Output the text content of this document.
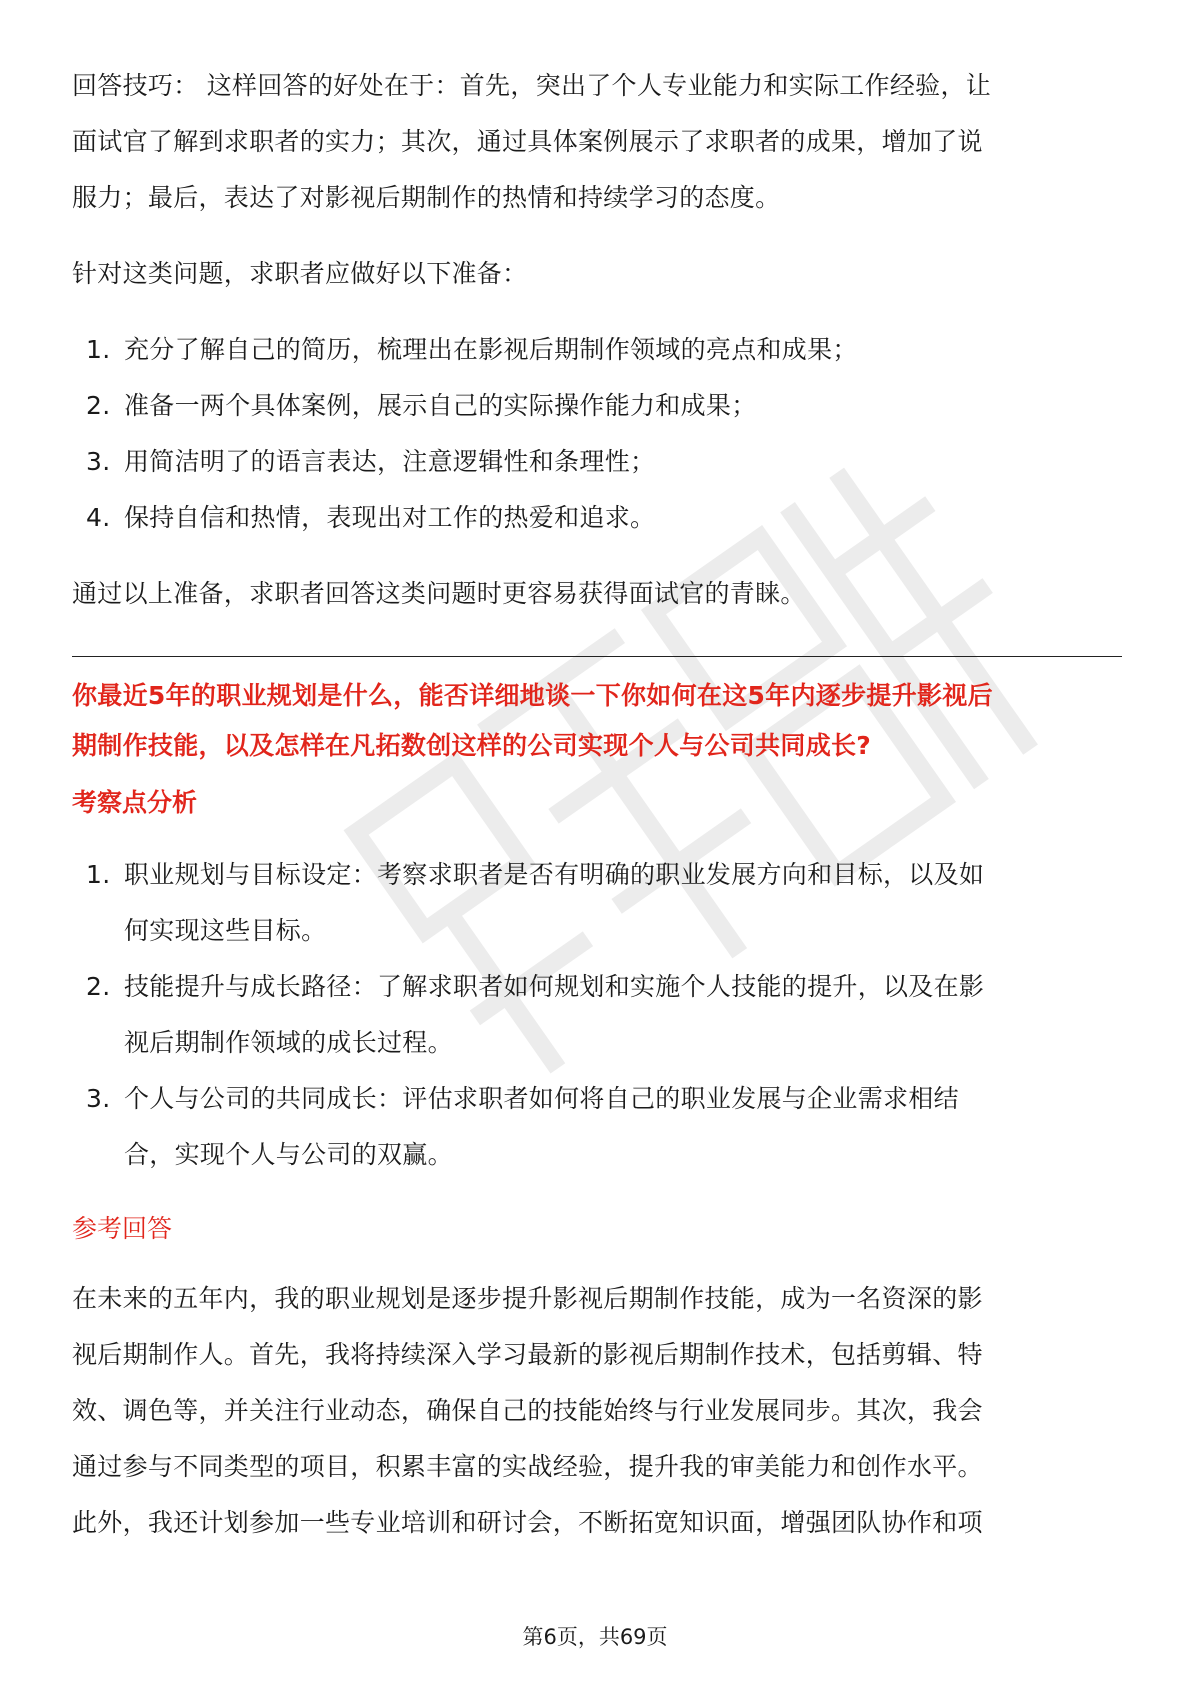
回答技巧： 这样回答的好处在于：首先，突出了个人专业能力和实际工作经验，让

面试官了解到求职者的实力；其次，通过具体案例展示了求职者的成果，增加了说

服力；最后，表达了对影视后期制作的热情和持续学习的态度。

针对这类问题，求职者应做好以下准备：

1. 充分了解自己的简历，梳理出在影视后期制作领域的亮点和成果；
2. 准备一两个具体案例，展示自己的实际操作能力和成果；
3. 用简洁明了的语言表达，注意逻辑性和条理性；
4. 保持自信和热情，表现出对工作的热爱和追求。

通过以上准备，求职者回答这类问题时更容易获得面试官的青睐。

你最近5年的职业规划是什么，能否详细地谈一下你如何在这5年内逐步提升影视后

期制作技能，以及怎样在凡拓数创这样的公司实现个人与公司共同成长?

考察点分析

1. 职业规划与目标设定：考察求职者是否有明确的职业发展方向和目标，以及如
何实现这些目标。
2. 技能提升与成长路径：了解求职者如何规划和实施个人技能的提升，以及在影
视后期制作领域的成长过程。
3. 个人与公司的共同成长：评估求职者如何将自己的职业发展与企业需求相结
合，实现个人与公司的双赢。

参考回答

在未来的五年内，我的职业规划是逐步提升影视后期制作技能，成为一名资深的影

视后期制作人。首先，我将持续深入学习最新的影视后期制作技术，包括剪辑、特

效、调色等，并关注行业动态，确保自己的技能始终与行业发展同步。其次，我会

通过参与不同类型的项目，积累丰富的实战经验，提升我的审美能力和创作水平。

此外，我还计划参加一些专业培训和研讨会，不断拓宽知识面，增强团队协作和项

第6页，共69页
